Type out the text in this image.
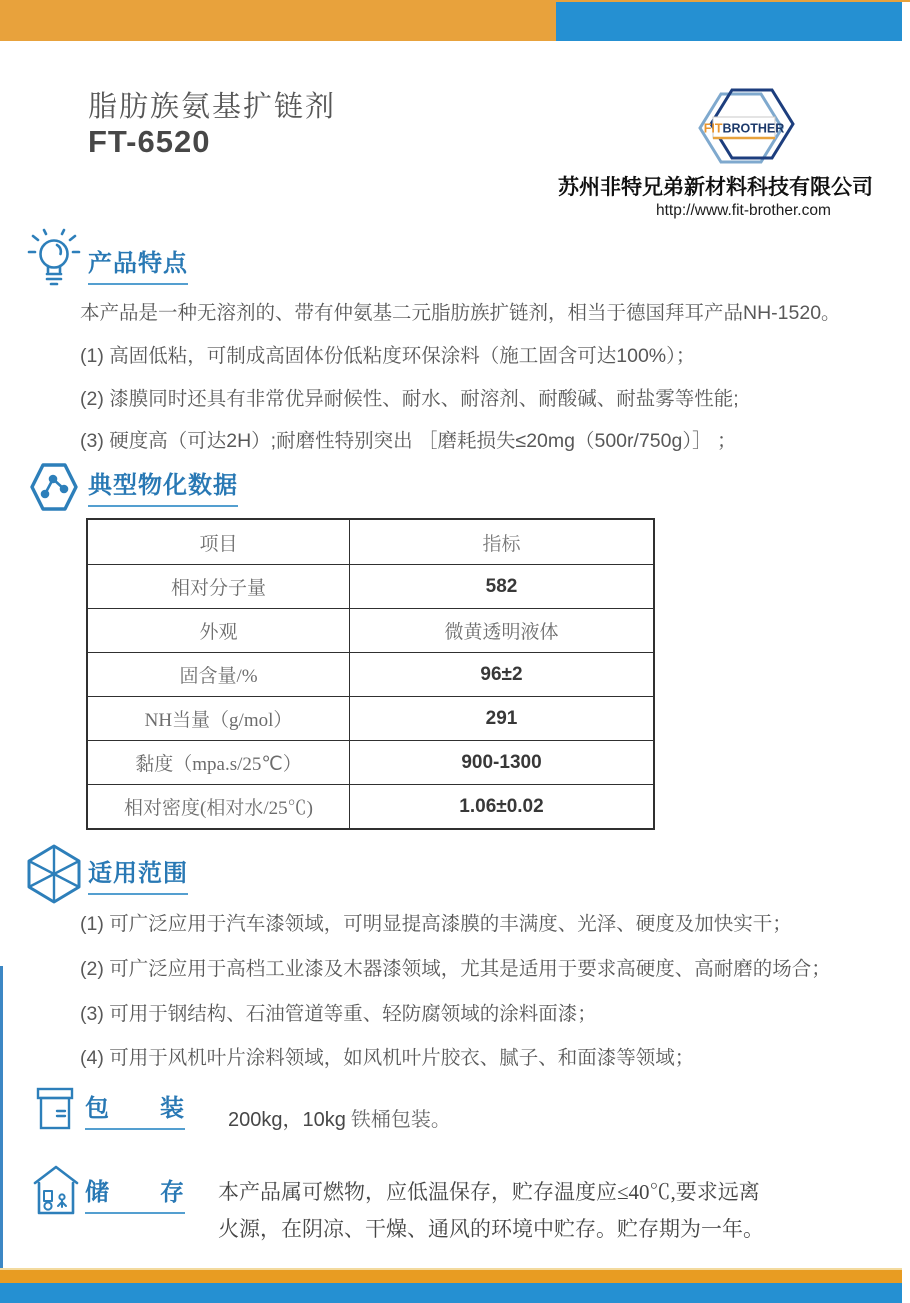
脂肪族氨基扩链剂
FT-6520	FITBROTHER
苏州非特兄弟新材料科技有限公司
http://www.fit-brother.com
产品特点
本产品是一种无溶剂的、带有仲氨基二元脂肪族扩链剂，相当于德国拜耳产品NH-1520。
(1) 高固低粘，可制成高固体份低粘度环保涂料（施工固含可达100%）；
(2) 漆膜同时还具有非常优异耐候性、耐水、耐溶剂、耐酸碱、耐盐雾等性能;
(3) 硬度高（可达2H）;耐磨性特别突出 ［磨耗损失≤20mg（500r/750g）］ ；
典型物化数据
项目	指标
相对分子量	582
外观	微黄透明液体
固含量/%	96±2
NH当量（g/mol）	291
黏度（mpa.s/25℃）	900-1300
相对密度(相对水/25℃)	1.06±0.02
适用范围
(1) 可广泛应用于汽车漆领域，可明显提高漆膜的丰满度、光泽、硬度及加快实干；
(2) 可广泛应用于高档工业漆及木器漆领域，尤其是适用于要求高硬度、高耐磨的场合；
(3) 可用于钢结构、石油管道等重、轻防腐领域的涂料面漆；
(4) 可用于风机叶片涂料领域，如风机叶片胶衣、腻子、和面漆等领域；
包　　装 200kg，10kg 铁桶包装。
储　　存 本产品属可燃物，应低温保存，贮存温度应≤40℃,要求远离
火源，在阴凉、干燥、通风的环境中贮存。贮存期为一年。
